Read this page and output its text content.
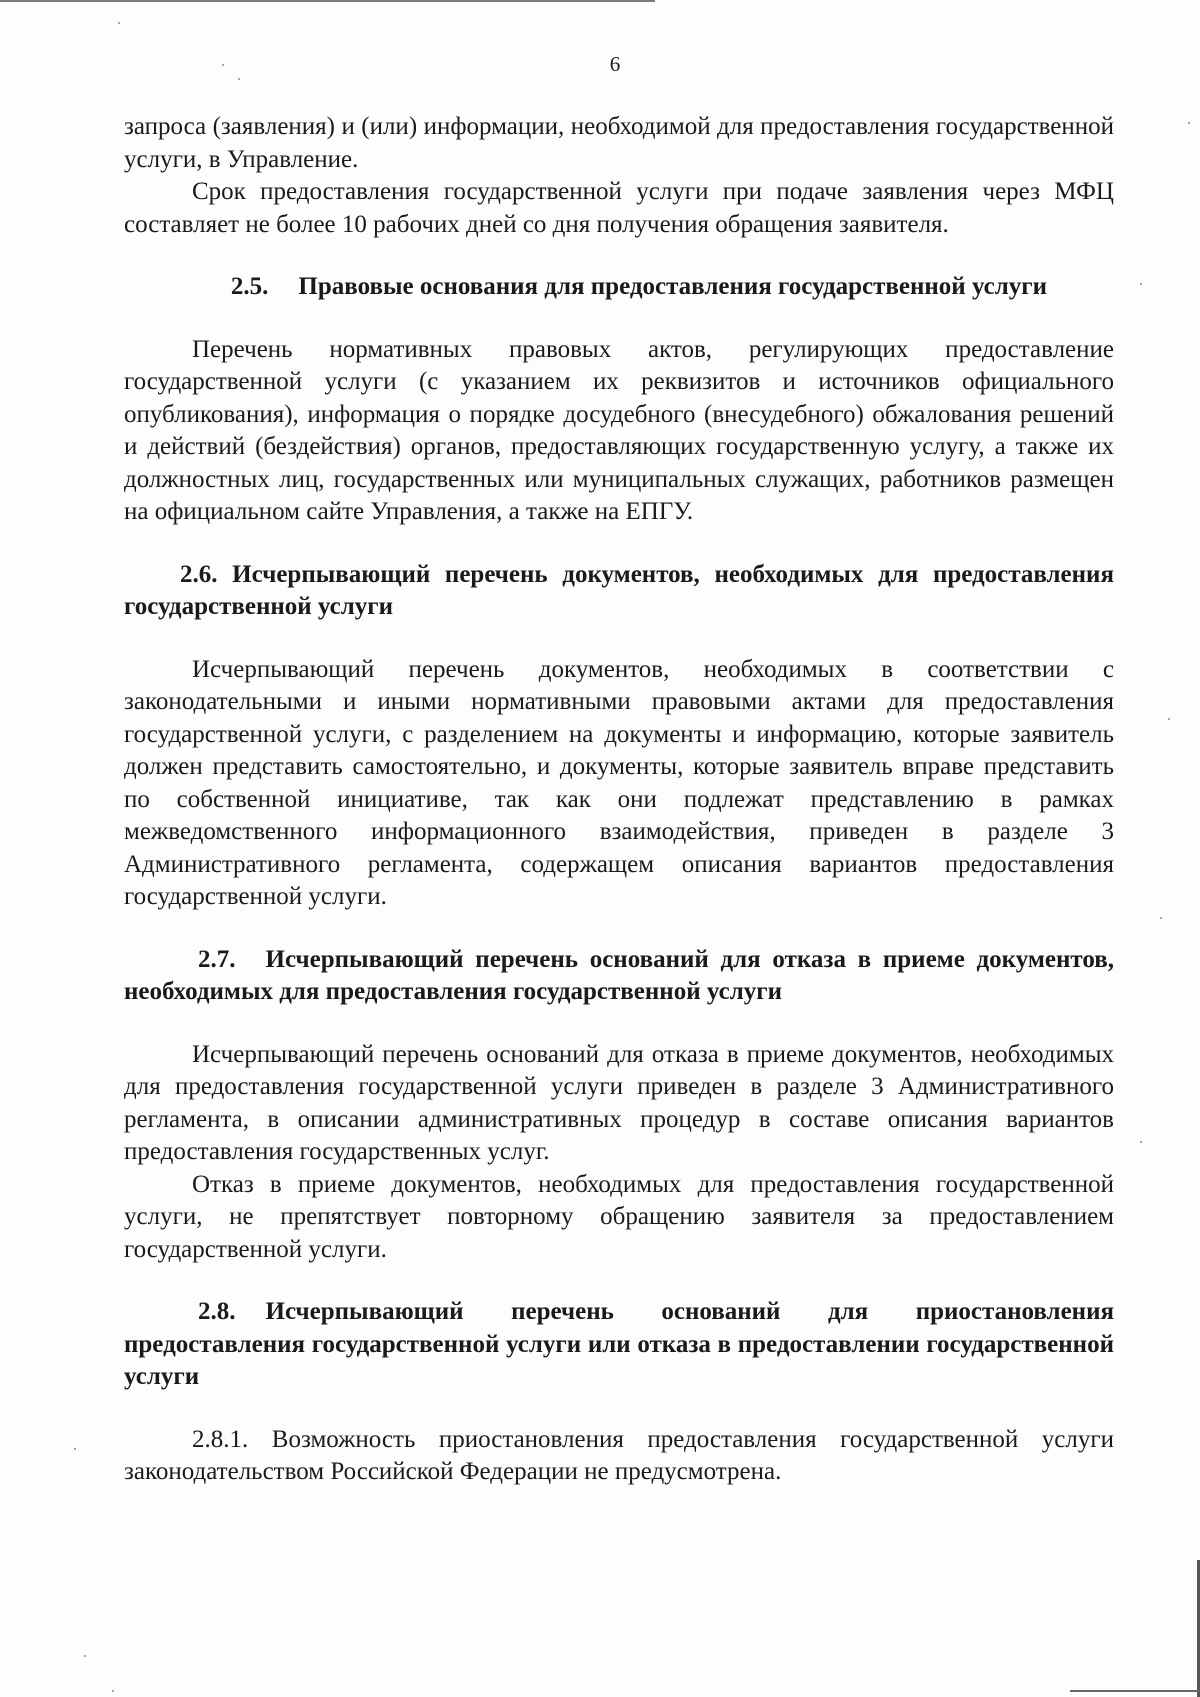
6

запроса (заявления) и (или) информации, необходимой для предоставления государственной услуги, в Управление.

Срок предоставления государственной услуги при подаче заявления через МФЦ составляет не более 10 рабочих дней со дня получения обращения заявителя.

2.5. Правовые основания для предоставления государственной услуги

Перечень нормативных правовых актов, регулирующих предоставление государственной услуги (с указанием их реквизитов и источников официального опубликования), информация о порядке досудебного (внесудебного) обжалования решений и действий (бездействия) органов, предоставляющих государственную услугу, а также их должностных лиц, государственных или муниципальных служащих, работников размещен на официальном сайте Управления, а также на ЕПГУ.

2.6. Исчерпывающий перечень документов, необходимых для предоставления государственной услуги

Исчерпывающий перечень документов, необходимых в соответствии с законодательными и иными нормативными правовыми актами для предоставления государственной услуги, с разделением на документы и информацию, которые заявитель должен представить самостоятельно, и документы, которые заявитель вправе представить по собственной инициативе, так как они подлежат представлению в рамках межведомственного информационного взаимодействия, приведен в разделе 3 Административного регламента, содержащем описания вариантов предоставления государственной услуги.

2.7. Исчерпывающий перечень оснований для отказа в приеме документов, необходимых для предоставления государственной услуги

Исчерпывающий перечень оснований для отказа в приеме документов, необходимых для предоставления государственной услуги приведен в разделе 3 Административного регламента, в описании административных процедур в составе описания вариантов предоставления государственных услуг.

Отказ в приеме документов, необходимых для предоставления государственной услуги, не препятствует повторному обращению заявителя за предоставлением государственной услуги.

2.8. Исчерпывающий перечень оснований для приостановления предоставления государственной услуги или отказа в предоставлении государственной услуги

2.8.1. Возможность приостановления предоставления государственной услуги законодательством Российской Федерации не предусмотрена.
